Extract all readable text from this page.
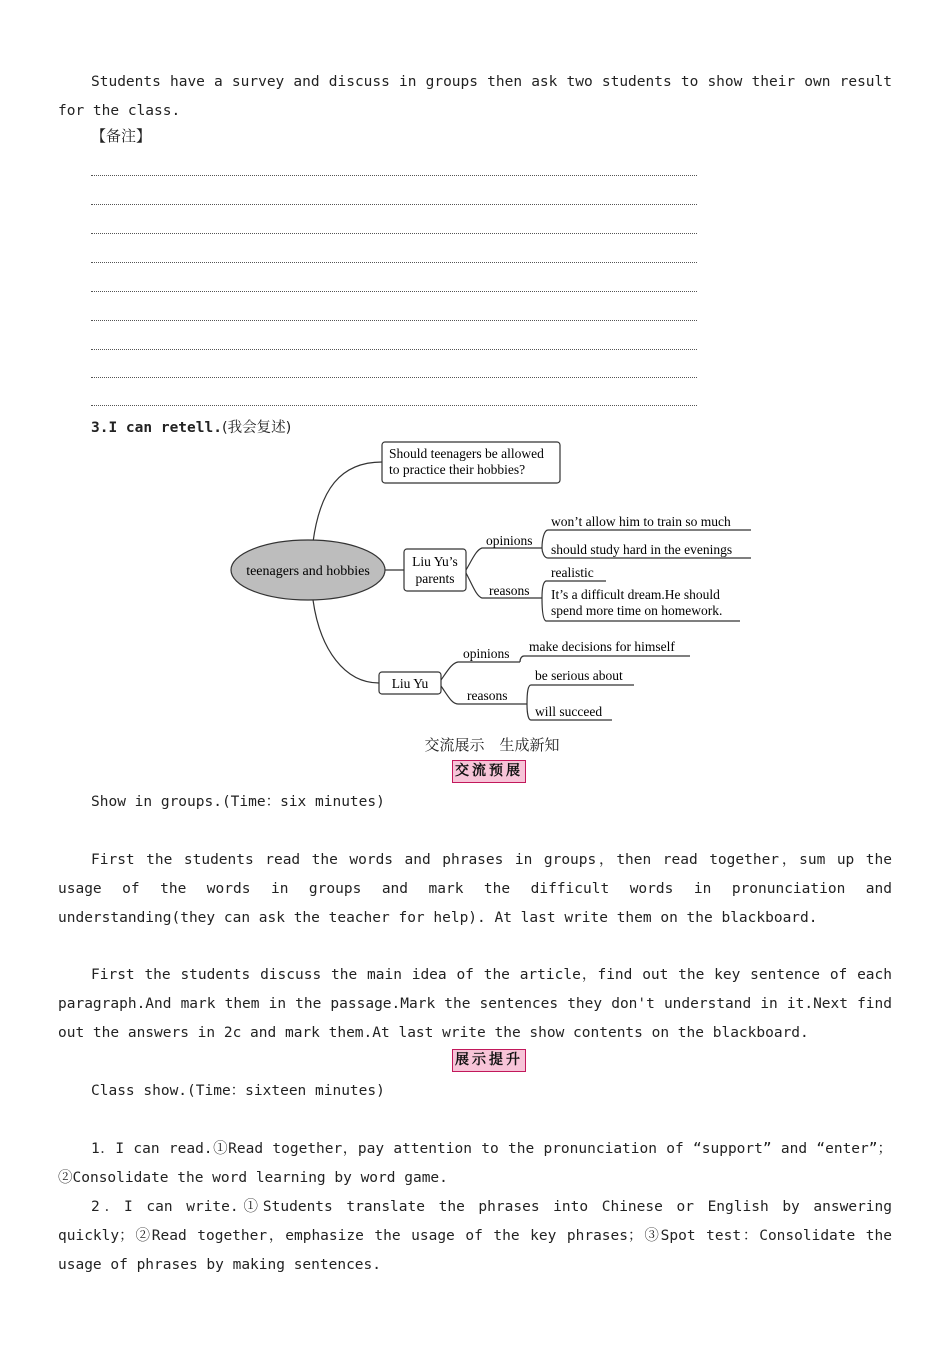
Students have a survey and discuss in groups then ask two students to show their own result for the class.
【备注】
3.I can retell.(我会复述)
teenagers and hobbies
Should teenagers be allowed
to practice their hobbies?
Liu Yu’s
parents
opinions
reasons
won’t allow him to train so much
should study hard in the evenings
realistic
It’s a difficult dream.He should
spend more time on homework.
Liu Yu
opinions
reasons
make decisions for himself
be serious about
will succeed
交流展示　生成新知
交流预展
Show in groups.(Time：six minutes)
First the students read the words and phrases in groups，then read together，sum up the usage of the words in groups and mark the difficult words in pronunciation and understanding(they can ask the teacher for help). At last write them on the blackboard.
First the students discuss the main idea of the article，find out the key sentence of each paragraph.And mark them in the passage.Mark the sentences they don't understand in it.Next find out the answers in 2c and mark them.At last write the show contents on the blackboard.
展示提升
Class show.(Time：sixteen minutes)
1．I can read.①Read together，pay attention to the pronunciation of “support” and “enter”；②Consolidate the word learning by word game.
2．I can write.①Students translate the phrases into Chinese or English by answering quickly；②Read together，emphasize the usage of the key phrases；③Spot test：Consolidate the usage of phrases by making sentences.
